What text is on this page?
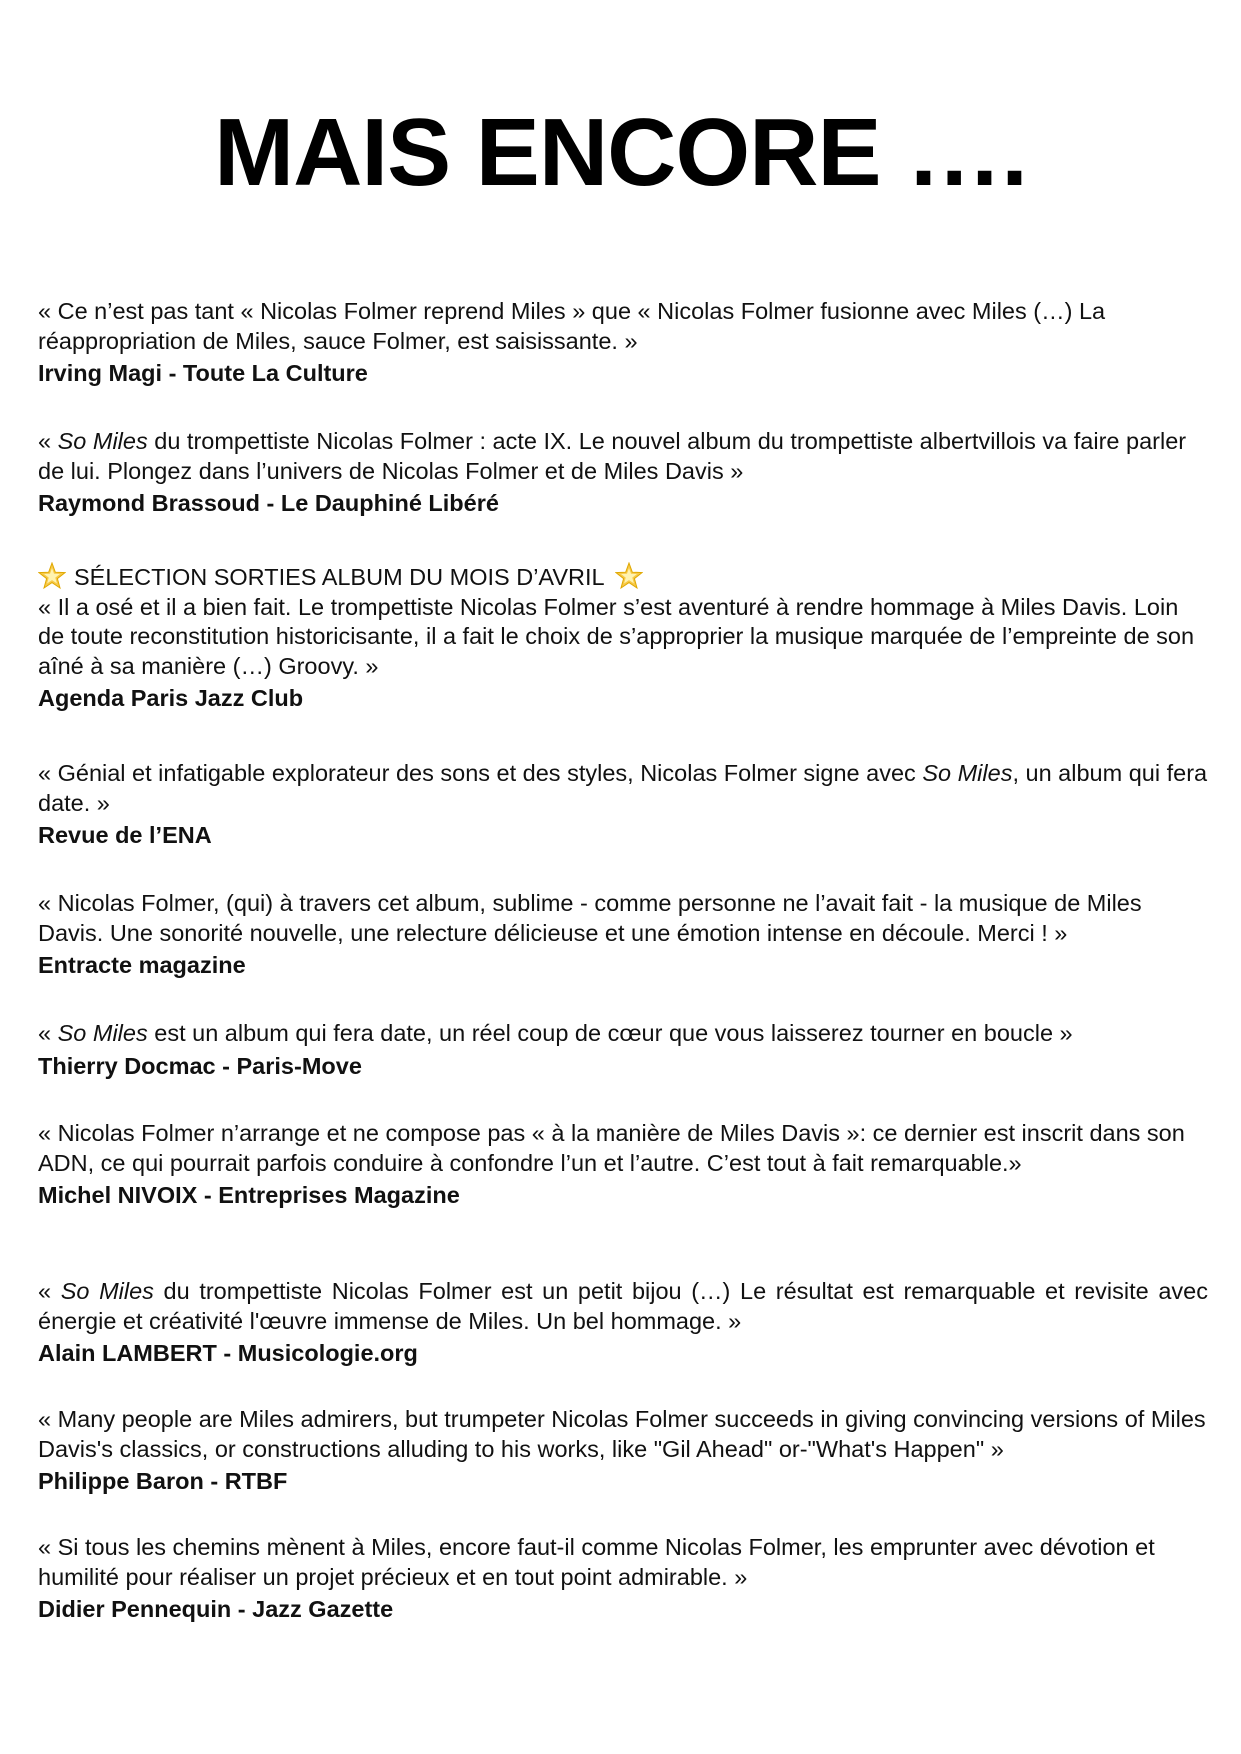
MAIS ENCORE ….

« Ce n’est pas tant « Nicolas Folmer reprend Miles » que « Nicolas Folmer fusionne avec Miles (…) La réappropriation de Miles, sauce Folmer, est saisissante. »

Irving Magi - Toute La Culture

« So Miles du trompettiste Nicolas Folmer : acte IX. Le nouvel album du trompettiste albertvillois va faire parler de lui. Plongez dans l’univers de Nicolas Folmer et de Miles Davis »

Raymond Brassoud - Le Dauphiné Libéré

SÉLECTION SORTIES ALBUM DU MOIS D’AVRIL

« Il a osé et il a bien fait. Le trompettiste Nicolas Folmer s’est aventuré à rendre hommage à Miles Davis. Loin de toute reconstitution historicisante, il a fait le choix de s’approprier la musique marquée de l’empreinte de son aîné à sa manière (…) Groovy. »

Agenda Paris Jazz Club

« Génial et infatigable explorateur des sons et des styles, Nicolas Folmer signe avec So Miles, un album qui fera date. »

Revue de l’ENA

« Nicolas Folmer, (qui) à travers cet album, sublime - comme personne ne l’avait fait - la musique de Miles Davis. Une sonorité nouvelle, une relecture délicieuse et une émotion intense en découle. Merci ! »

Entracte magazine

« So Miles est un album qui fera date, un réel coup de cœur que vous laisserez tourner en boucle »

Thierry Docmac - Paris-Move

« Nicolas Folmer n’arrange et ne compose pas « à la manière de Miles Davis »: ce dernier est inscrit dans son ADN, ce qui pourrait parfois conduire à confondre l’un et l’autre. C’est tout à fait remarquable.»

Michel NIVOIX - Entreprises Magazine

« So Miles du trompettiste Nicolas Folmer est un petit bijou (…) Le résultat est remarquable et revisite avec énergie et créativité l'œuvre immense de Miles. Un bel hommage. »

Alain LAMBERT - Musicologie.org

« Many people are Miles admirers, but trumpeter Nicolas Folmer succeeds in giving convincing versions of Miles Davis's classics, or constructions alluding to his works, like "Gil Ahead" or-"What's Happen" »

Philippe Baron - RTBF

« Si tous les chemins mènent à Miles, encore faut-il comme Nicolas Folmer, les emprunter avec dévotion et humilité pour réaliser un projet précieux et en tout point admirable. »

Didier Pennequin - Jazz Gazette
